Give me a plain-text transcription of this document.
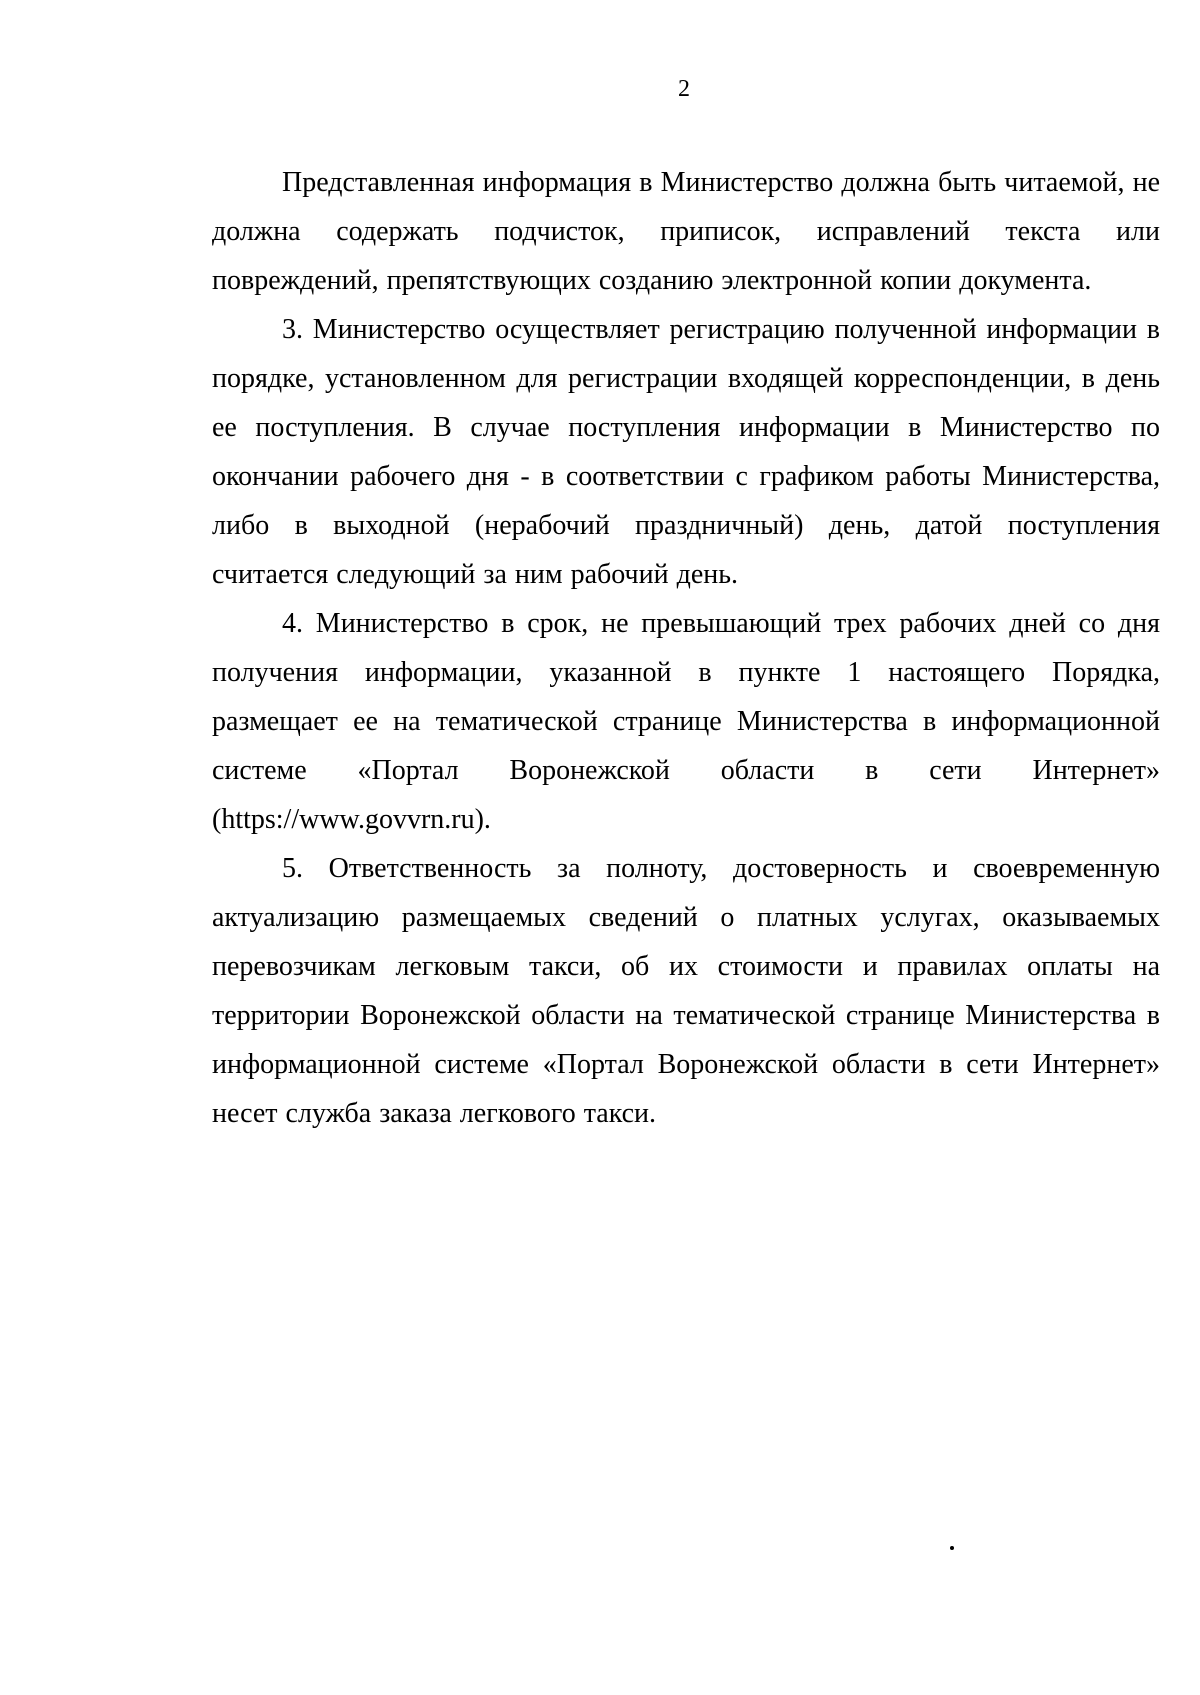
2

Представленная информация в Министерство должна быть читаемой, не должна содержать подчисток, приписок, исправлений текста или повреждений, препятствующих созданию электронной копии документа.

3. Министерство осуществляет регистрацию полученной информации в порядке, установленном для регистрации входящей корреспонденции, в день ее поступления. В случае поступления информации в Министерство по окончании рабочего дня - в соответствии с графиком работы Министерства, либо в выходной (нерабочий праздничный) день, датой поступления считается следующий за ним рабочий день.

4. Министерство в срок, не превышающий трех рабочих дней со дня получения информации, указанной в пункте 1 настоящего Порядка, размещает ее на тематической странице Министерства в информационной системе «Портал Воронежской области в сети Интернет» (https://www.govvrn.ru).

5. Ответственность за полноту, достоверность и своевременную актуализацию размещаемых сведений о платных услугах, оказываемых перевозчикам легковым такси, об их стоимости и правилах оплаты на территории Воронежской области на тематической странице Министерства в информационной системе «Портал Воронежской области в сети Интернет» несет служба заказа легкового такси.
